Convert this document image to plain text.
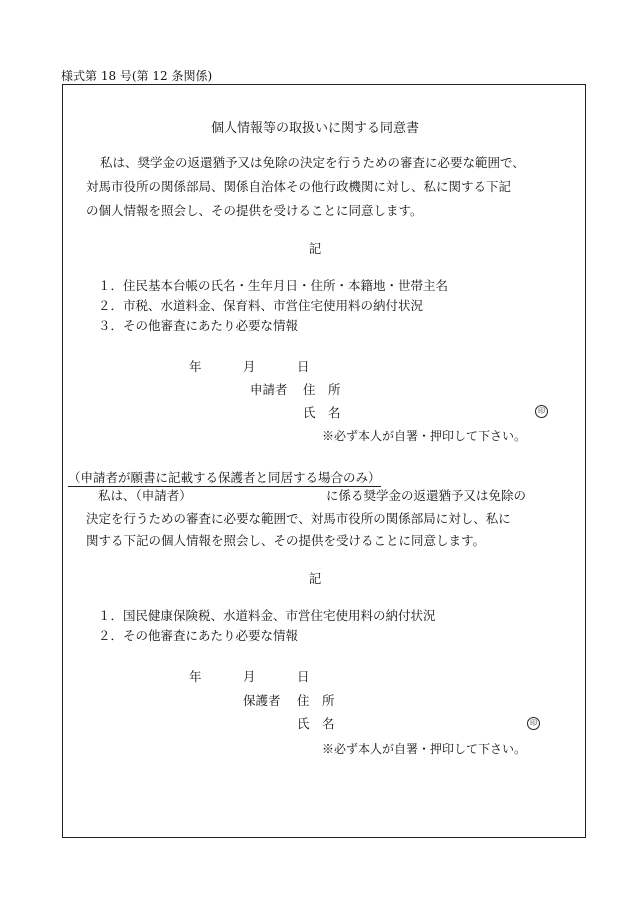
様式第 18 号(第 12 条関係)
個人情報等の取扱いに関する同意書
私は、奨学金の返還猶予又は免除の決定を行うための審査に必要な範囲で、
対馬市役所の関係部局、関係自治体その他行政機関に対し、私に関する下記
の個人情報を照会し、その提供を受けることに同意します。
記
１．住民基本台帳の氏名・生年月日・住所・本籍地・世帯主名
２．市税、水道料金、保育料、市営住宅使用料の納付状況
３．その他審査にあたり必要な情報
年	月	日
申請者 住　所
氏　名	印
※必ず本人が自署・押印して下さい。
（申請者が願書に記載する保護者と同居する場合のみ）
私は、（申請者）	に係る奨学金の返還猶予又は免除の
決定を行うための審査に必要な範囲で、対馬市役所の関係部局に対し、私に
関する下記の個人情報を照会し、その提供を受けることに同意します。
記
１．国民健康保険税、水道料金、市営住宅使用料の納付状況
２．その他審査にあたり必要な情報
年	月	日
保護者 住　所
氏　名	印
※必ず本人が自署・押印して下さい。
